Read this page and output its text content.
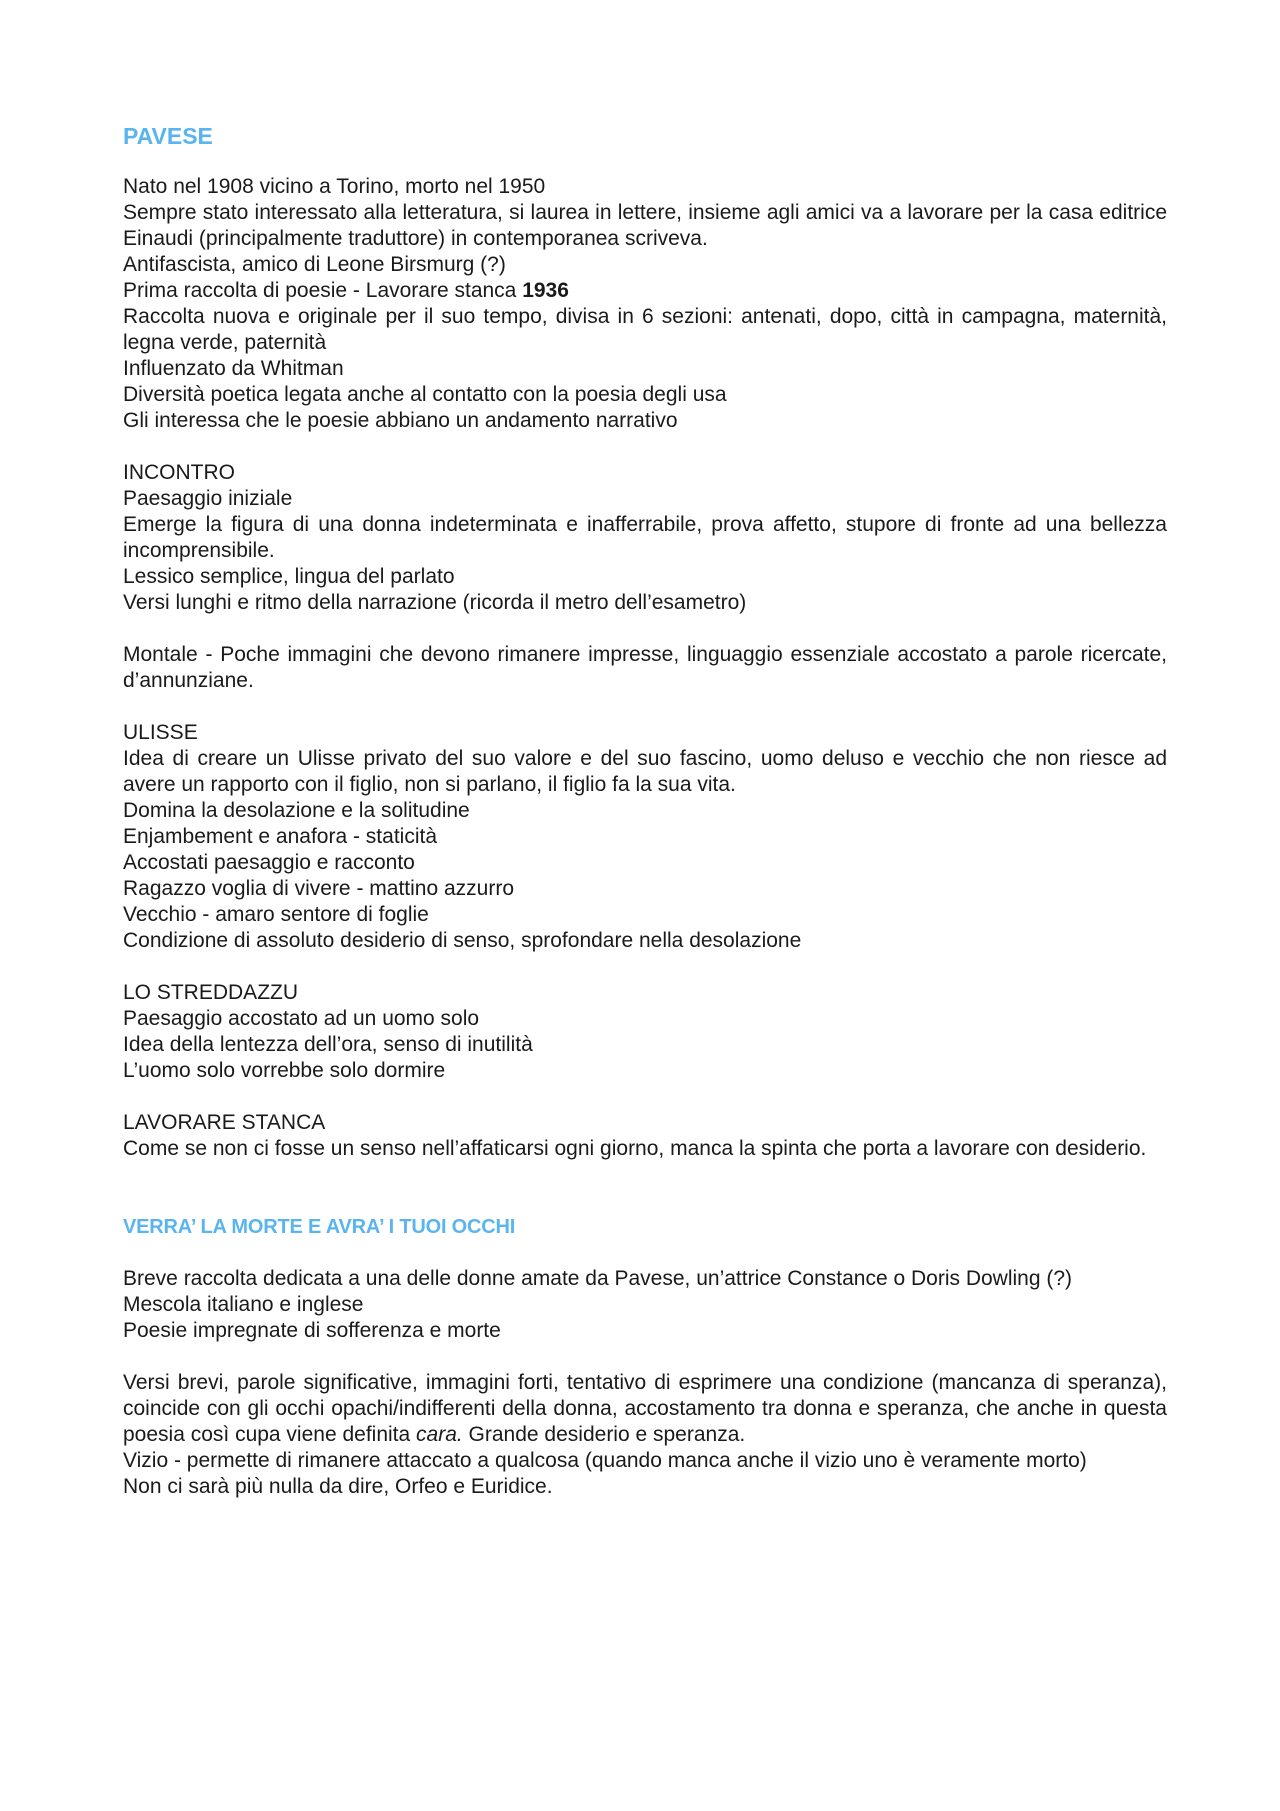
PAVESE

Nato nel 1908 vicino a Torino, morto nel 1950

Sempre stato interessato alla letteratura, si laurea in lettere, insieme agli amici va a lavorare per la casa editrice Einaudi (principalmente traduttore) in contemporanea scriveva.

Antifascista, amico di Leone Birsmurg (?)

Prima raccolta di poesie - Lavorare stanca 1936

Raccolta nuova e originale per il suo tempo, divisa in 6 sezioni: antenati, dopo, città in campagna, maternità, legna verde, paternità

Influenzato da Whitman

Diversità poetica legata anche al contatto con la poesia degli usa

Gli interessa che le poesie abbiano un andamento narrativo

INCONTRO

Paesaggio iniziale

Emerge la figura di una donna indeterminata e inafferrabile, prova affetto, stupore di fronte ad una bellezza incomprensibile.

Lessico semplice, lingua del parlato

Versi lunghi e ritmo della narrazione (ricorda il metro dell’esametro)

Montale - Poche immagini che devono rimanere impresse, linguaggio essenziale accostato a parole ricercate, d’annunziane.

ULISSE

Idea di creare un Ulisse privato del suo valore e del suo fascino, uomo deluso e vecchio che non riesce ad avere un rapporto con il figlio, non si parlano, il figlio fa la sua vita.

Domina la desolazione e la solitudine

Enjambement e anafora - staticità

Accostati paesaggio e racconto

Ragazzo voglia di vivere - mattino azzurro

Vecchio - amaro sentore di foglie

Condizione di assoluto desiderio di senso, sprofondare nella desolazione

LO STREDDAZZU

Paesaggio accostato ad un uomo solo

Idea della lentezza dell’ora, senso di inutilità

L’uomo solo vorrebbe solo dormire

LAVORARE STANCA

Come se non ci fosse un senso nell’affaticarsi ogni giorno, manca la spinta che porta a lavorare con desiderio.

VERRA’ LA MORTE E AVRA’ I TUOI OCCHI

Breve raccolta dedicata a una delle donne amate da Pavese, un’attrice Constance o Doris Dowling (?)

Mescola italiano e inglese

Poesie impregnate di sofferenza e morte

Versi brevi, parole significative, immagini forti, tentativo di esprimere una condizione (mancanza di speranza), coincide con gli occhi opachi/indifferenti della donna, accostamento tra donna e speranza, che anche in questa poesia così cupa viene definita cara. Grande desiderio e speranza.

Vizio - permette di rimanere attaccato a qualcosa (quando manca anche il vizio uno è veramente morto)

Non ci sarà più nulla da dire, Orfeo e Euridice.
